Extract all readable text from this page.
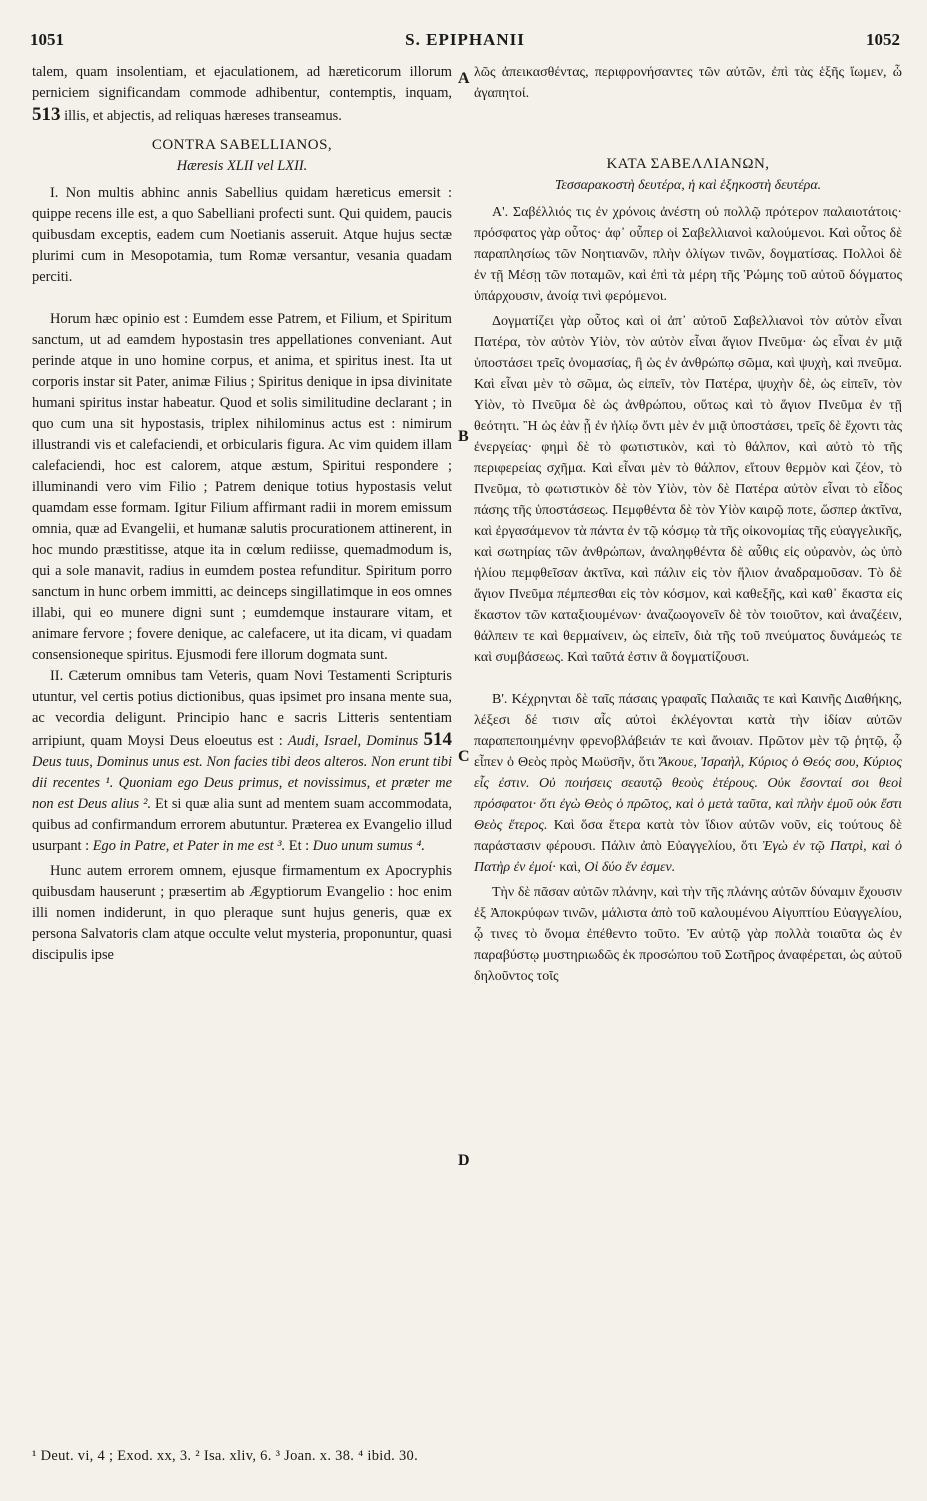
1051	S. EPIPHANII	1052
A
B
C
D

talem, quam insolentiam, et ejaculationem, ad hæreticorum illorum perniciem significandam commode adhibentur, contemptis, inquam, 513 illis, et abjectis, ad reliquas hæreses transeamus.

CONTRA SABELLIANOS,
Hæresis XLII vel LXII.

I. Non multis abhinc annis Sabellius quidam hæreticus emersit : quippe recens ille est, a quo Sabelliani profecti sunt. Qui quidem, paucis quibusdam exceptis, eadem cum Noetianis asseruit. Atque hujus sectæ plurimi cum in Mesopotamia, tum Romæ versantur, vesania quadam perciti.

Horum hæc opinio est : Eumdem esse Patrem, et Filium, et Spiritum sanctum, ut ad eamdem hypostasin tres appellationes conveniant. Aut perinde atque in uno homine corpus, et anima, et spiritus inest. Ita ut corporis instar sit Pater, animæ Filius ; Spiritus denique in ipsa divinitate humani spiritus instar habeatur. Quod et solis similitudine declarant ; in quo cum una sit hypostasis, triplex nihilominus actus est : nimirum illustrandi vis et calefaciendi, et orbicularis figura. Ac vim quidem illam calefaciendi, hoc est calorem, atque æstum, Spiritui respondere ; illuminandi vero vim Filio ; Patrem denique totius hypostasis velut quamdam esse formam. Igitur Filium affirmant radii in morem emissum omnia, quæ ad Evangelii, et humanæ salutis procurationem attinerent, in hoc mundo præstitisse, atque ita in cœlum rediisse, quemadmodum is, qui a sole manavit, radius in eumdem postea refunditur. Spiritum porro sanctum in hunc orbem immitti, ac deinceps singillatimque in eos omnes illabi, qui eo munere digni sunt ; eumdemque instaurare vitam, et animare fervore ; fovere denique, ac calefacere, ut ita dicam, vi quadam consensioneque spiritus. Ejusmodi fere illorum dogmata sunt.

II. Cæterum omnibus tam Veteris, quam Novi Testamenti Scripturis utuntur, vel certis potius dictionibus, quas ipsimet pro insana mente sua, ac vecordia deligunt. Principio hanc e sacris Litteris sententiam arripiunt, quam Moysi Deus eloeutus est : Audi, Israel, Dominus 514 Deus tuus, Dominus unus est. Non facies tibi deos alteros. Non erunt tibi dii recentes ¹. Quoniam ego Deus primus, et novissimus, et præter me non est Deus alius ². Et si quæ alia sunt ad mentem suam accommodata, quibus ad confirmandum errorem abutuntur. Præterea ex Evangelio illud usurpant : Ego in Patre, et Pater in me est ³. Et : Duo unum sumus ⁴.

Hunc autem errorem omnem, ejusque firmamentum ex Apocryphis quibusdam hauserunt ; præsertim ab Ægyptiorum Evangelio : hoc enim illi nomen indiderunt, in quo pleraque sunt hujus generis, quæ ex persona Salvatoris clam atque occulte velut mysteria, proponuntur, quasi discipulis ipse

λῶς ἀπεικασθέντας, περιφρονήσαντες τῶν αὐτῶν, ἐπὶ τὰς ἑξῆς ἴωμεν, ὦ ἀγαπητοί.

ΚΑΤΑ ΣΑΒΕΛΛΙΑΝΩΝ,
Τεσσαρακοστὴ δευτέρα, ἡ καὶ ἑξηκοστὴ δευτέρα.

Α'. Σαβέλλιός τις ἐν χρόνοις ἀνέστη οὐ πολλῷ πρότερον παλαιοτάτοις· πρόσφατος γὰρ οὗτος· ἀφ᾽ οὗπερ οἱ Σαβελλιανοὶ καλούμενοι. Καὶ οὗτος δὲ παραπλησίως τῶν Νοητιανῶν, πλὴν ὀλίγων τινῶν, δογματίσας. Πολλοὶ δὲ ἐν τῇ Μέσῃ τῶν ποταμῶν, καὶ ἐπὶ τὰ μέρη τῆς Ῥώμης τοῦ αὐτοῦ δόγματος ὑπάρχουσιν, ἀνοίᾳ τινὶ φερόμενοι.

Δογματίζει γὰρ οὗτος καὶ οἱ ἀπ᾽ αὐτοῦ Σαβελλιανοὶ τὸν αὐτὸν εἶναι Πατέρα, τὸν αὐτὸν Υἱὸν, τὸν αὐτὸν εἶναι ἅγιον Πνεῦμα· ὡς εἶναι ἐν μιᾷ ὑποστάσει τρεῖς ὀνομασίας, ἢ ὡς ἐν ἀνθρώπῳ σῶμα, καὶ ψυχὴ, καὶ πνεῦμα. Καὶ εἶναι μὲν τὸ σῶμα, ὡς εἰπεῖν, τὸν Πατέρα, ψυχὴν δὲ, ὡς εἰπεῖν, τὸν Υἱὸν, τὸ Πνεῦμα δὲ ὡς ἀνθρώπου, οὕτως καὶ τὸ ἅγιον Πνεῦμα ἐν τῇ θεότητι. Ἢ ὡς ἐὰν ᾖ ἐν ἡλίῳ ὄντι μὲν ἐν μιᾷ ὑποστάσει, τρεῖς δὲ ἔχοντι τὰς ἐνεργείας· φημὶ δὲ τὸ φωτιστικὸν, καὶ τὸ θάλπον, καὶ αὐτὸ τὸ τῆς περιφερείας σχῆμα. Καὶ εἶναι μὲν τὸ θάλπον, εἴτουν θερμὸν καὶ ζέον, τὸ Πνεῦμα, τὸ φωτιστικὸν δὲ τὸν Υἱὸν, τὸν δὲ Πατέρα αὐτὸν εἶναι τὸ εἶδος πάσης τῆς ὑποστάσεως. Πεμφθέντα δὲ τὸν Υἱὸν καιρῷ ποτε, ὥσπερ ἀκτῖνα, καὶ ἐργασάμενον τὰ πάντα ἐν τῷ κόσμῳ τὰ τῆς οἰκονομίας τῆς εὐαγγελικῆς, καὶ σωτηρίας τῶν ἀνθρώπων, ἀναληφθέντα δὲ αὖθις εἰς οὐρανὸν, ὡς ὑπὸ ἡλίου πεμφθεῖσαν ἀκτῖνα, καὶ πάλιν εἰς τὸν ἥλιον ἀναδραμοῦσαν. Τὸ δὲ ἅγιον Πνεῦμα πέμπεσθαι εἰς τὸν κόσμον, καὶ καθεξῆς, καὶ καθ᾽ ἕκαστα εἰς ἕκαστον τῶν καταξιουμένων· ἀναζωογονεῖν δὲ τὸν τοιοῦτον, καὶ ἀναζέειν, θάλπειν τε καὶ θερμαίνειν, ὡς εἰπεῖν, διὰ τῆς τοῦ πνεύματος δυνάμεώς τε καὶ συμβάσεως. Καὶ ταῦτά ἐστιν ἃ δογματίζουσι.

Β'. Κέχρηνται δὲ ταῖς πάσαις γραφαῖς Παλαιᾶς τε καὶ Καινῆς Διαθήκης, λέξεσι δέ τισιν αἷς αὐτοὶ ἐκλέγονται κατὰ τὴν ἰδίαν αὐτῶν παραπεποιημένην φρενοβλάβειάν τε καὶ ἄνοιαν. Πρῶτον μὲν τῷ ῥητῷ, ᾧ εἶπεν ὁ Θεὸς πρὸς Μωϋσῆν, ὅτι Ἄκουε, Ἰσραὴλ, Κύριος ὁ Θεός σου, Κύριος εἷς ἐστιν. Οὐ ποιήσεις σεαυτῷ θεοὺς ἑτέρους. Οὐκ ἔσονταί σοι θεοὶ πρόσφατοι· ὅτι ἐγὼ Θεὸς ὁ πρῶτος, καὶ ὁ μετὰ ταῦτα, καὶ πλὴν ἐμοῦ οὐκ ἔστι Θεὸς ἕτερος. Καὶ ὅσα ἕτερα κατὰ τὸν ἴδιον αὐτῶν νοῦν, εἰς τούτους δὲ παράστασιν φέρουσι. Πάλιν ἀπὸ Εὐαγγελίου, ὅτι Ἐγὼ ἐν τῷ Πατρὶ, καὶ ὁ Πατὴρ ἐν ἐμοί· καὶ, Οἱ δύο ἕν ἐσμεν.

Τὴν δὲ πᾶσαν αὐτῶν πλάνην, καὶ τὴν τῆς πλάνης αὐτῶν δύναμιν ἔχουσιν ἐξ Ἀποκρύφων τινῶν, μάλιστα ἀπὸ τοῦ καλουμένου Αἰγυπτίου Εὐαγγελίου, ᾧ τινες τὸ ὄνομα ἐπέθεντο τοῦτο. Ἐν αὐτῷ γὰρ πολλὰ τοιαῦτα ὡς ἐν παραβύστῳ μυστηριωδῶς ἐκ προσώπου τοῦ Σωτῆρος ἀναφέρεται, ὡς αὐτοῦ δηλοῦντος τοῖς

¹ Deut. vi, 4 ; Exod. xx, 3. ² Isa. xliv, 6. ³ Joan. x. 38. ⁴ ibid. 30.
